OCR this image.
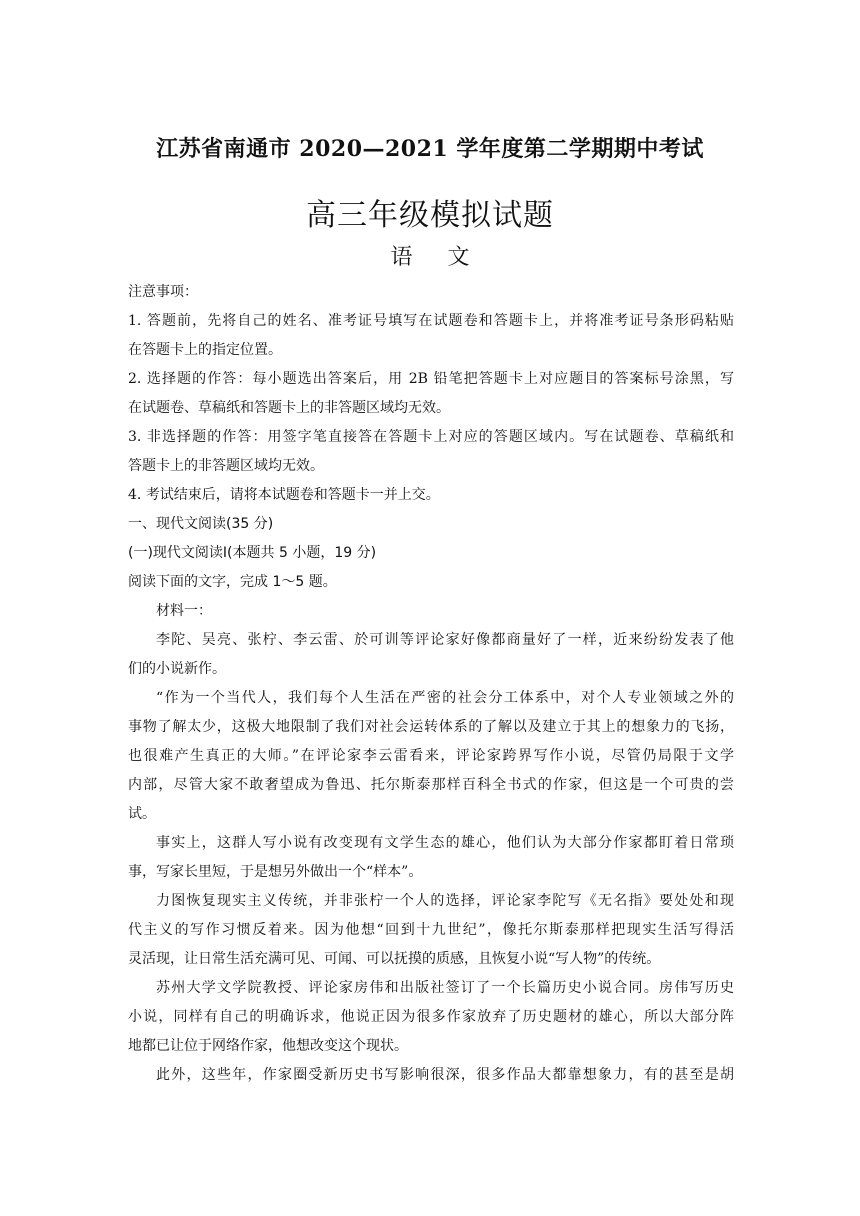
江苏省南通市 2020—2021 学年度第二学期期中考试
高三年级模拟试题
语 文
注意事项：
1. 答题前，先将自己的姓名、准考证号填写在试题卷和答题卡上，并将准考证号条形码粘贴
在答题卡上的指定位置。
2. 选择题的作答：每小题选出答案后，用 2B 铅笔把答题卡上对应题目的答案标号涂黑，写
在试题卷、草稿纸和答题卡上的非答题区域均无效。
3. 非选择题的作答：用签字笔直接答在答题卡上对应的答题区域内。写在试题卷、草稿纸和
答题卡上的非答题区域均无效。
4. 考试结束后，请将本试题卷和答题卡一并上交。
一、现代文阅读(35 分)
(一)现代文阅读Ⅰ(本题共 5 小题，19 分)
阅读下面的文字，完成 1～5 题。
材料一：
李陀、吴亮、张柠、李云雷、於可训等评论家好像都商量好了一样，近来纷纷发表了他
们的小说新作。
“作为一个当代人，我们每个人生活在严密的社会分工体系中，对个人专业领域之外的
事物了解太少，这极大地限制了我们对社会运转体系的了解以及建立于其上的想象力的飞扬，
也很难产生真正的大师。”在评论家李云雷看来，评论家跨界写作小说，尽管仍局限于文学
内部，尽管大家不敢奢望成为鲁迅、托尔斯泰那样百科全书式的作家，但这是一个可贵的尝
试。
事实上，这群人写小说有改变现有文学生态的雄心，他们认为大部分作家都盯着日常琐
事，写家长里短，于是想另外做出一个“样本”。
力图恢复现实主义传统，并非张柠一个人的选择，评论家李陀写《无名指》要处处和现
代主义的写作习惯反着来。因为他想“回到十九世纪”，像托尔斯泰那样把现实生活写得活
灵活现，让日常生活充满可见、可闻、可以抚摸的质感，且恢复小说“写人物”的传统。
苏州大学文学院教授、评论家房伟和出版社签订了一个长篇历史小说合同。房伟写历史
小说，同样有自己的明确诉求，他说正因为很多作家放弃了历史题材的雄心，所以大部分阵
地都已让位于网络作家，他想改变这个现状。
此外，这些年，作家圈受新历史书写影响很深，很多作品大都靠想象力，有的甚至是胡
